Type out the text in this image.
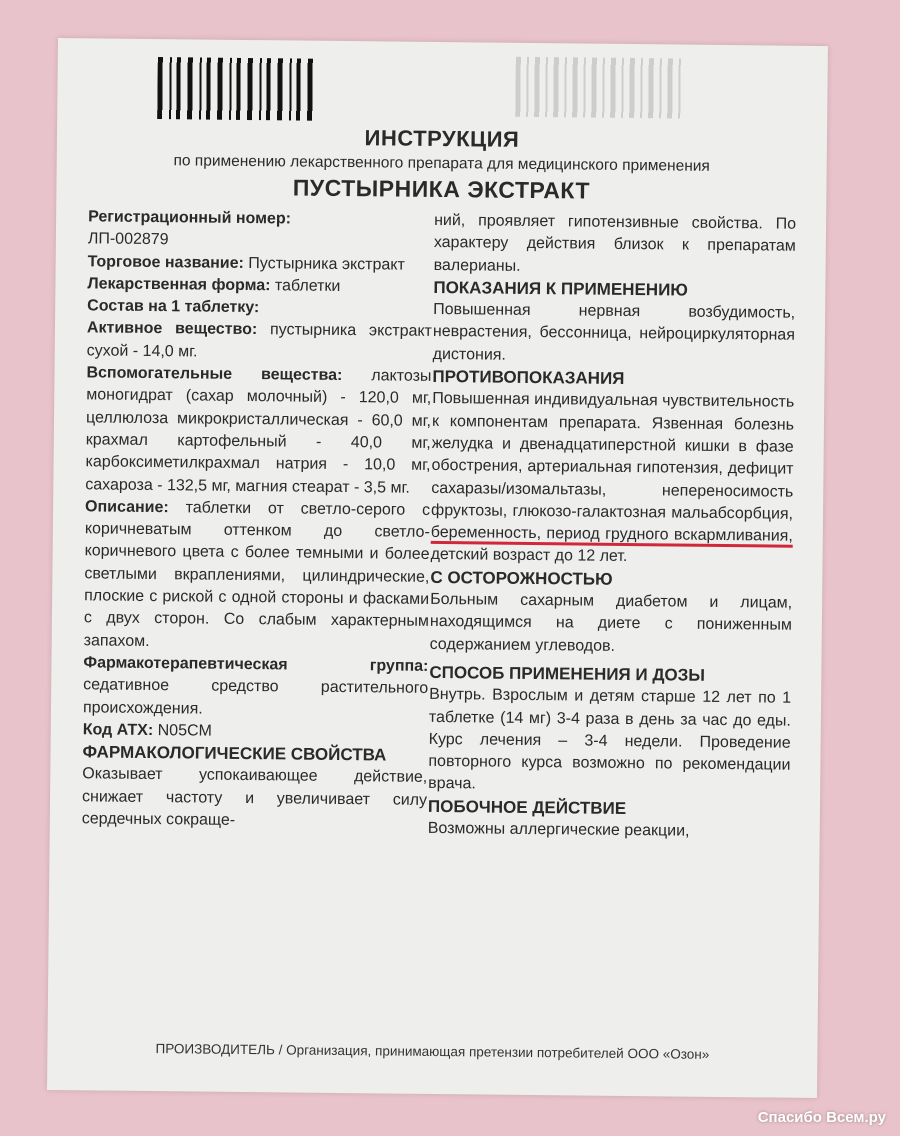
ИНСТРУКЦИЯ
по применению лекарственного препарата для медицинского применения
ПУСТЫРНИКА ЭКСТРАКТ

Регистрационный номер:

ЛП-002879

Торговое название: Пустырника экстракт

Лекарственная форма: таблетки

Состав на 1 таблетку:

Активное вещество: пустырника экстракт сухой - 14,0 мг.

Вспомогательные вещества: лактозы моногидрат (сахар молочный) - 120,0 мг, целлюлоза микрокристаллическая - 60,0 мг, крахмал картофельный - 40,0 мг, карбоксиметилкрахмал натрия - 10,0 мг, сахароза - 132,5 мг, магния стеарат - 3,5 мг.

Описание: таблетки от светло-серого с коричневатым оттенком до светло-коричневого цвета с более темными и более светлыми вкраплениями, цилиндрические, плоские с риской с одной стороны и фасками с двух сторон. Со слабым характерным запахом.

Фармакотерапевтическая группа: седативное средство растительного происхождения.

Код АТХ: N05CM

ФАРМАКОЛОГИЧЕСКИЕ СВОЙСТВА

Оказывает успокаивающее действие, снижает частоту и увеличивает силу сердечных сокраще-

ний, проявляет гипотензивные свойства. По характеру действия близок к препаратам валерианы.

ПОКАЗАНИЯ К ПРИМЕНЕНИЮ

Повышенная нервная возбудимость, неврастения, бессонница, нейроциркуляторная дистония.

ПРОТИВОПОКАЗАНИЯ

Повышенная индивидуальная чувствительность к компонентам препарата. Язвенная болезнь желудка и двенадцатиперстной кишки в фазе обострения, артериальная гипотензия, дефицит сахаразы/изомальтазы, непереносимость фруктозы, глюкозо-галактозная мальабсорбция, беременность, период грудного вскармливания, детский возраст до 12 лет.

С ОСТОРОЖНОСТЬЮ

Больным сахарным диабетом и лицам, находящимся на диете с пониженным содержанием углеводов.

СПОСОБ ПРИМЕНЕНИЯ И ДОЗЫ

Внутрь. Взрослым и детям старше 12 лет по 1 таблетке (14 мг) 3-4 раза в день за час до еды. Курс лечения – 3-4 недели. Проведение повторного курса возможно по рекомендации врача.

ПОБОЧНОЕ ДЕЙСТВИЕ

Возможны аллергические реакции,

ПРОИЗВОДИТЕЛЬ / Организация, принимающая претензии потребителей ООО «Озон»
Спасибо Всем.ру
